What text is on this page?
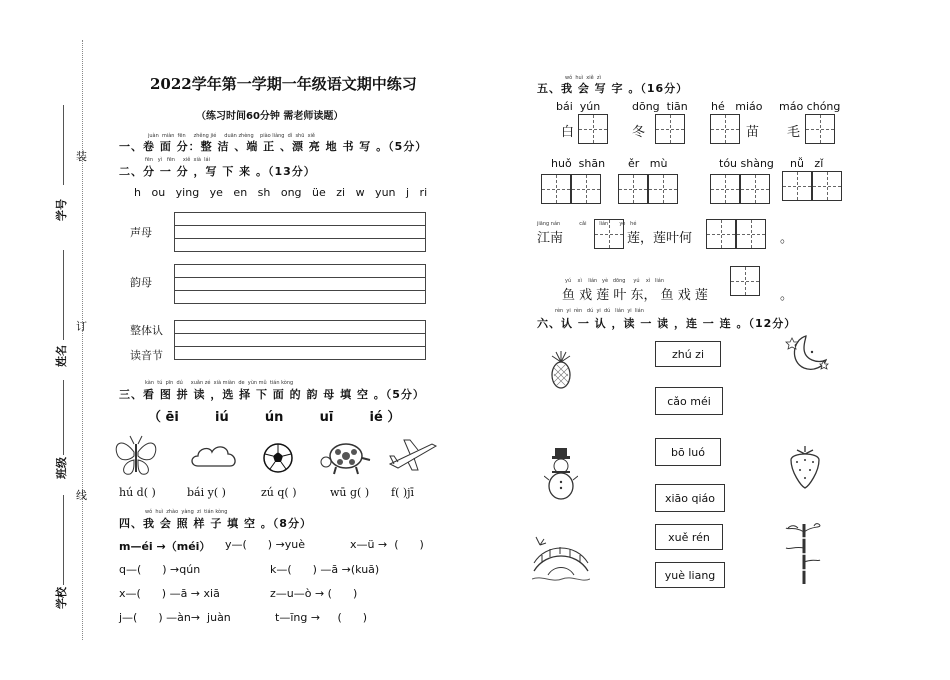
装
订
线
学号
姓名
班级
学校
2022学年第一学期一年级语文期中练习
（练习时间60分钟 需老师读题）
juàn miàn fēn zhěng jié duān zhèng piào liàng dì shū xiě
一、卷 面 分：整 洁 、端 正 、漂 亮 地 书 写 。（5分）
fēn yì fēn xiě xià lái
二、分 一 分 ，写 下 来 。（13分）
h   ou   ying   ye   en   sh   ong   üe   zi   w   yun   j   ri
声母
韵母
整体认
读音节
kàn tú pīn dú xuǎn zé xià miàn de yùn mǔ tián kòng
三、看 图 拼 读 ，选 择 下 面 的 韵 母 填 空 。（5分）
（ ēi        iú        ún        uī        ié ）
hú d( )	bái y( )	zú q( )	wū g( ) f( )jī
wǒ huì zhào yàng zi tián kòng
四、我 会 照 样 子 填 空 。（8分）
m—éi →（méi） y—(      ) →yuè	x—ü →  (      )
q—(      ) →qún	k—(      ) —ā →(kuā)
x—(      ) —ā → xiā	z—u—ò → (      )
j—(      ) —àn→  juàn	t—īng →     (      )
wǒ huì xiě zì
五、我 会 写 字 。（16分）
bái  yún	dōng  tiān hé   miáo máo chóng
白	冬	苗 毛
huǒ  shān ěr   mù	tóu shàng nǚ   zǐ
jiāng nán	cǎi	lián yè hé
江南	莲，莲叶何	。
yú xì lián yè dōng yú xì lián
鱼 戏 莲 叶 东， 鱼 戏 莲	。
rèn yi rèn dú yi dú lián yi lián
六、认 一 认 ，读 一 读 ，连 一 连 。（12分）
zhú zi
cǎo méi
bō luó
xiāo qiáo
xuě rén
yuè liang
